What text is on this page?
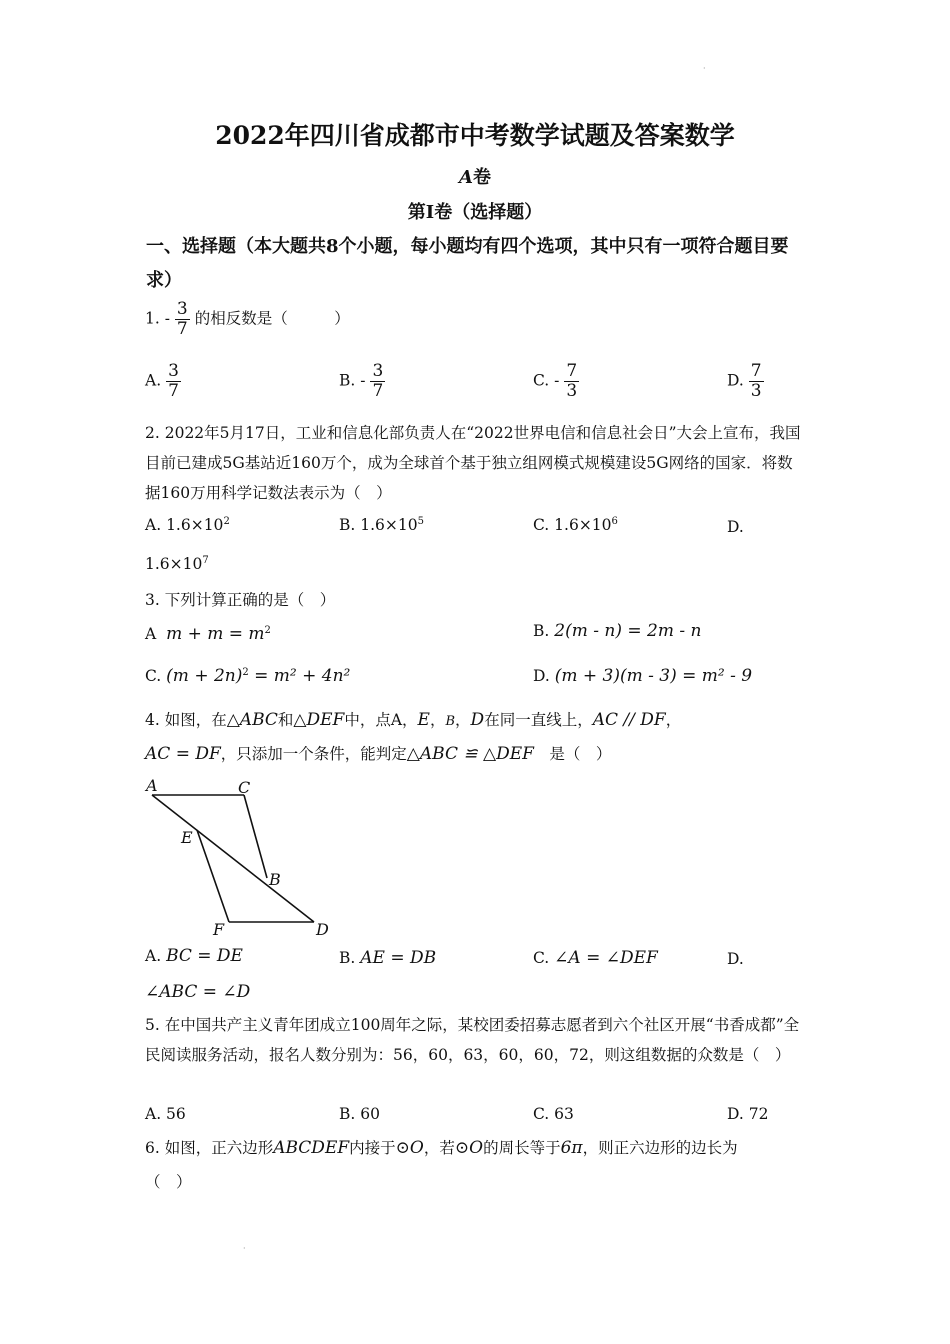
·
2022年四川省成都市中考数学试题及答案数学
A卷
第Ⅰ卷（选择题）
一、选择题（本大题共8个小题，每小题均有四个选项，其中只有一项符合题目要求）
1. - $\frac{3}{7}$ 的相反数是（　　　）
A. $\frac{3}{7}$	B. - $\frac{3}{7}$	C. - $\frac{7}{3}$	D. $\frac{7}{3}$
2. 2022年5月17日，工业和信息化部负责人在“2022世界电信和信息社会日”大会上宣布，我国目前已建成5G基站近160万个，成为全球首个基于独立组网模式规模建设5G网络的国家．将数据160万用科学记数法表示为（　）
A. $1.6\times 10^2$	B. $1.6\times 10^5$	C. $1.6\times 10^6$	D.
$1.6\times 10^7$
3. 下列计算正确的是（　）
A $m + m = m^2$	B. 2(m - n) = 2m - n
C. $(m + 2n)^2 = m^2 + 4n^2$	D. (m + 3)(m - 3) = m² - 9
4. 如图，在△ABC和△DEF中，点A，E，B，D在同一直线上，AC // DF，
AC = DF，只添加一个条件，能判定△ABC ≌ △DEF　是（　）
A	C
E
B
F	D
A. BC = DE	B. AE = DB	C. ∠A = ∠DEF	D.
∠ABC = ∠D
5. 在中国共产主义青年团成立100周年之际，某校团委招募志愿者到六个社区开展“书香成都”全民阅读服务活动，报名人数分别为：56，60，63，60，60，72，则这组数据的众数是（　）
A. 56	B. 60	C. 63	D. 72
6. 如图，正六边形ABCDEF内接于⊙O，若⊙O的周长等于6π，则正六边形的边长为
（　）
·
